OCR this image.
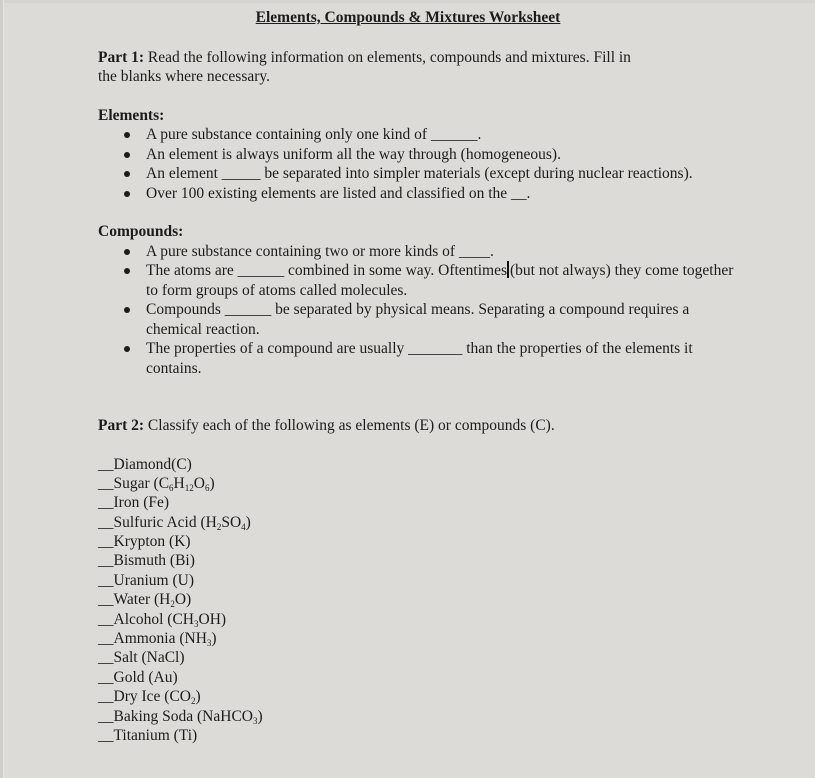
Elements, Compounds & Mixtures Worksheet
Part 1: Read the following information on elements, compounds and mixtures. Fill in
the blanks where necessary.
Elements:
A pure substance containing only one kind of ______.
An element is always uniform all the way through (homogeneous).
An element _____ be separated into simpler materials (except during nuclear reactions).
Over 100 existing elements are listed and classified on the __.
Compounds:
A pure substance containing two or more kinds of ____.
The atoms are ______ combined in some way. Oftentimes (but not always) they come together to form groups of atoms called molecules.
Compounds ______ be separated by physical means. Separating a compound requires a chemical reaction.
The properties of a compound are usually _______ than the properties of the elements it contains.
Part 2: Classify each of the following as elements (E) or compounds (C).
__Diamond(C)
__Sugar $(C_6H_{12}O_6)$
__Iron (Fe)
__Sulfuric Acid $(H_2SO_4)$
__Krypton (K)
__Bismuth (Bi)
__Uranium (U)
__Water $(H_2O)$
__Alcohol $(CH_3OH)$
__Ammonia $(NH_3)$
__Salt (NaCl)
__Gold (Au)
__Dry Ice $(CO_2)$
__Baking Soda (NaHCO$_3$)
__Titanium (Ti)
